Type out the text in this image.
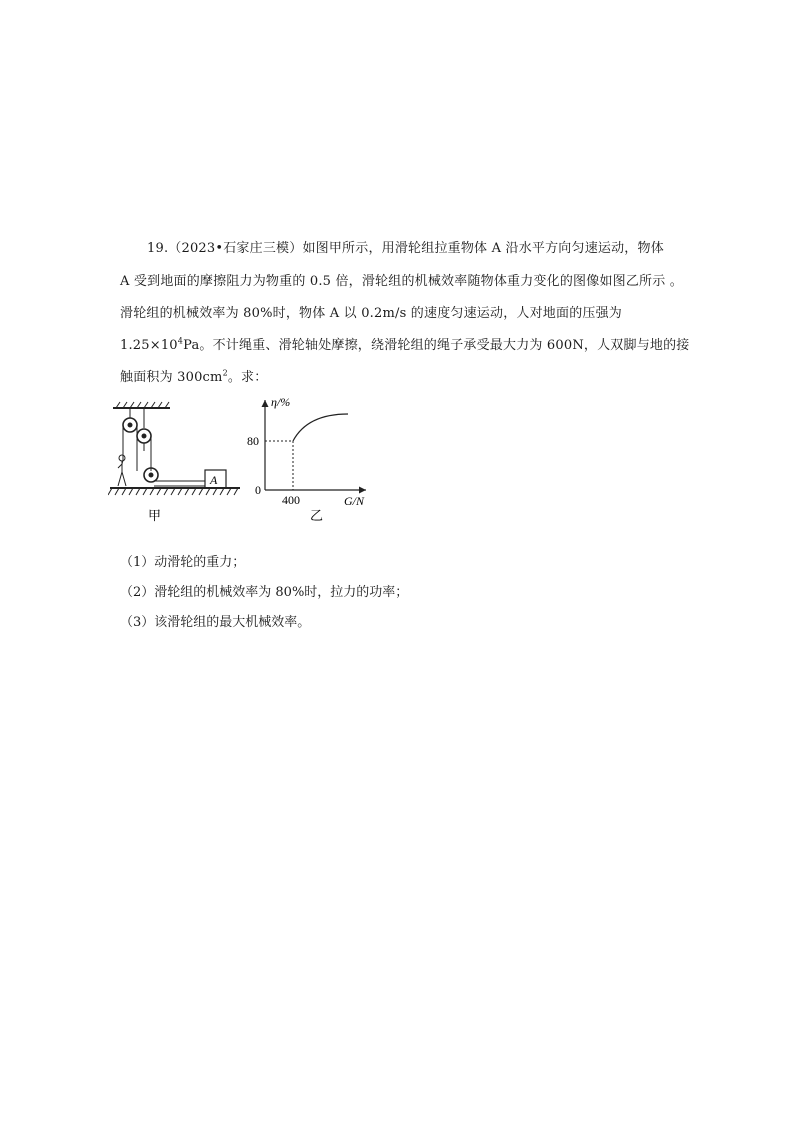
19.（2023•石家庄三模）如图甲所示，用滑轮组拉重物体 A 沿水平方向匀速运动，物体
A 受到地面的摩擦阻力为物重的 0.5 倍，滑轮组的机械效率随物体重力变化的图像如图乙所示 。
滑轮组的机械效率为 80%时，物体 A 以 0.2m/s 的速度匀速运动，人对地面的压强为
$1.25\times 10^4Pa$。不计绳重、滑轮轴处摩擦，绕滑轮组的绳子承受最大力为 600N，人双脚与地的接
触面积为 $300cm^2$。求：
A
甲
η/%
G/N
0
80
400
乙
（1）动滑轮的重力；
（2）滑轮组的机械效率为 80%时，拉力的功率；
（3）该滑轮组的最大机械效率。
